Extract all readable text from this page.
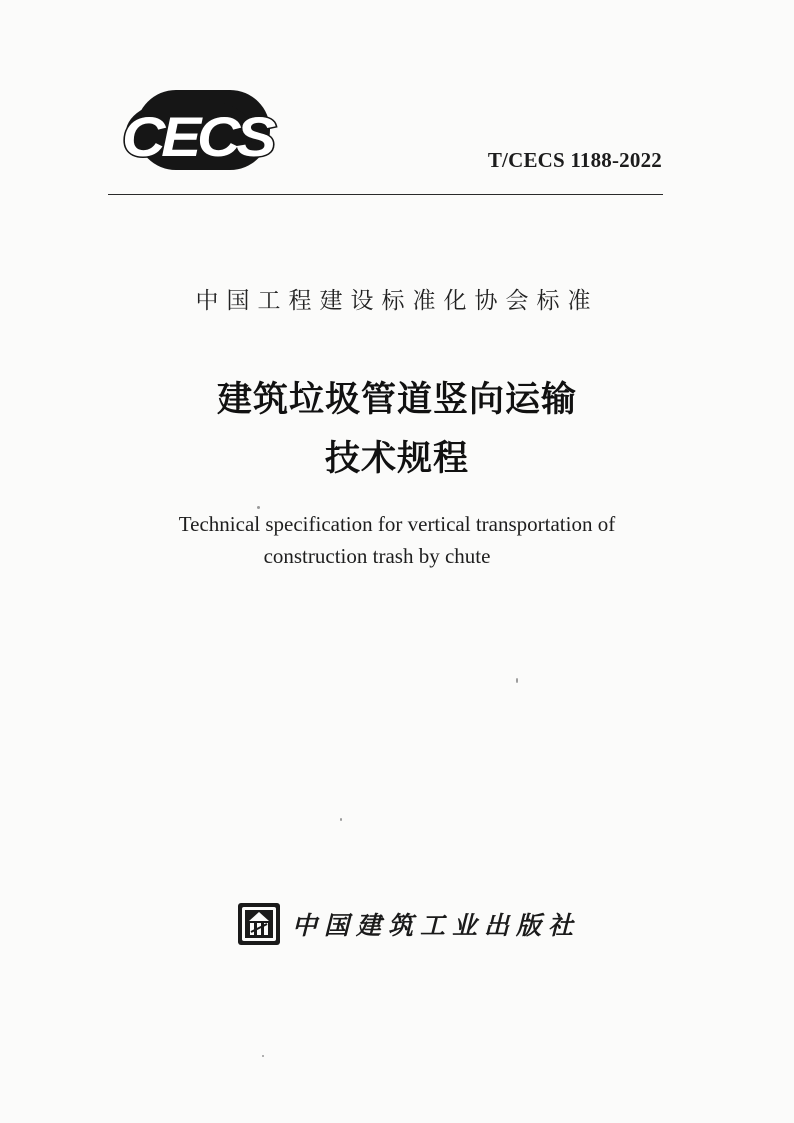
CECS	T/CECS 1188-2022
中国工程建设标准化协会标准
建筑垃圾管道竖向运输
技术规程
Technical specification for vertical transportation of
construction trash by chute
中国建筑工业出版社
